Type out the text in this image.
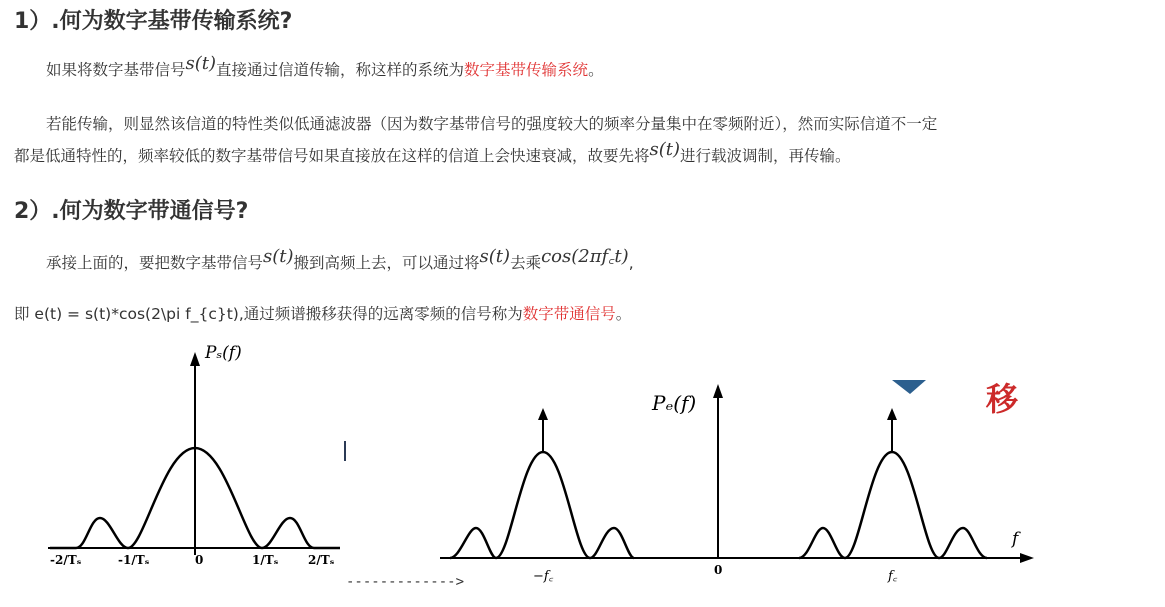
1）.何为数字基带传输系统?
如果将数字基带信号s(t)直接通过信道传输，称这样的系统为数字基带传输系统。
若能传输，则显然该信道的特性类似低通滤波器（因为数字基带信号的强度较大的频率分量集中在零频附近），然而实际信道不一定
都是低通特性的，频率较低的数字基带信号如果直接放在这样的信道上会快速衰减，故要先将s(t)进行载波调制，再传输。
2）.何为数字带通信号?
承接上面的，要把数字基带信号s(t)搬到高频上去，可以通过将s(t)去乘cos(2πf꜀t),
即 e(t) = s(t)*cos(2\pi f_{c}t),通过频谱搬移获得的远离零频的信号称为数字带通信号。
Pₛ(f)
-2/Tₛ	-1/Tₛ	0	1/Tₛ 2/Tₛ
------------->
Pₑ(f)
f
−f꜀	0	f꜀
移
